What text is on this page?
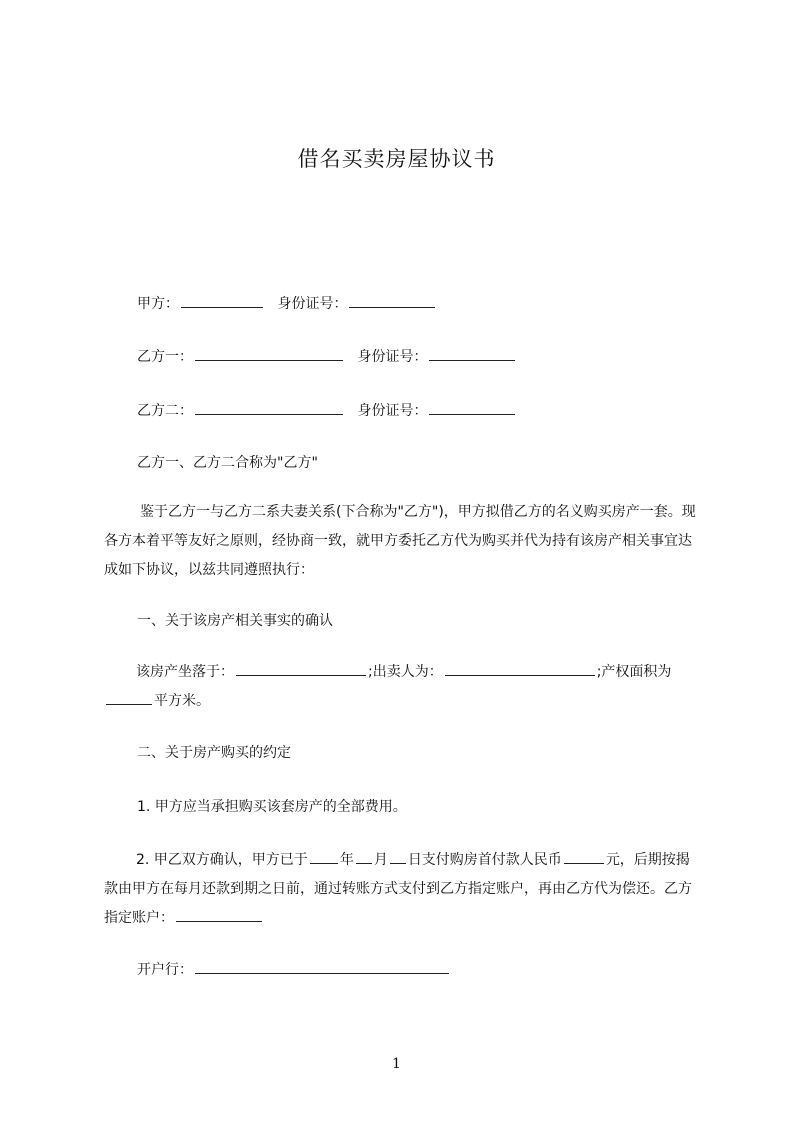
借名买卖房屋协议书
甲方：	身份证号：
乙方一：	身份证号：
乙方二：	身份证号：
乙方一、乙方二合称为"乙方"
鉴于乙方一与乙方二系夫妻关系(下合称为"乙方")，甲方拟借乙方的名义购买房产一套。现各方本着平等友好之原则，经协商一致，就甲方委托乙方代为购买并代为持有该房产相关事宜达成如下协议，以兹共同遵照执行：
一、关于该房产相关事实的确认
该房产坐落于：	;出卖人为：	;产权面积为平方米。
二、关于房产购买的约定
1. 甲方应当承担购买该套房产的全部费用。
2. 甲乙双方确认，甲方已于 年 月 日支付购房首付款人民币	元，后期按揭款由甲方在每月还款到期之日前，通过转账方式支付到乙方指定账户，再由乙方代为偿还。乙方指定账户：
开户行：
1
